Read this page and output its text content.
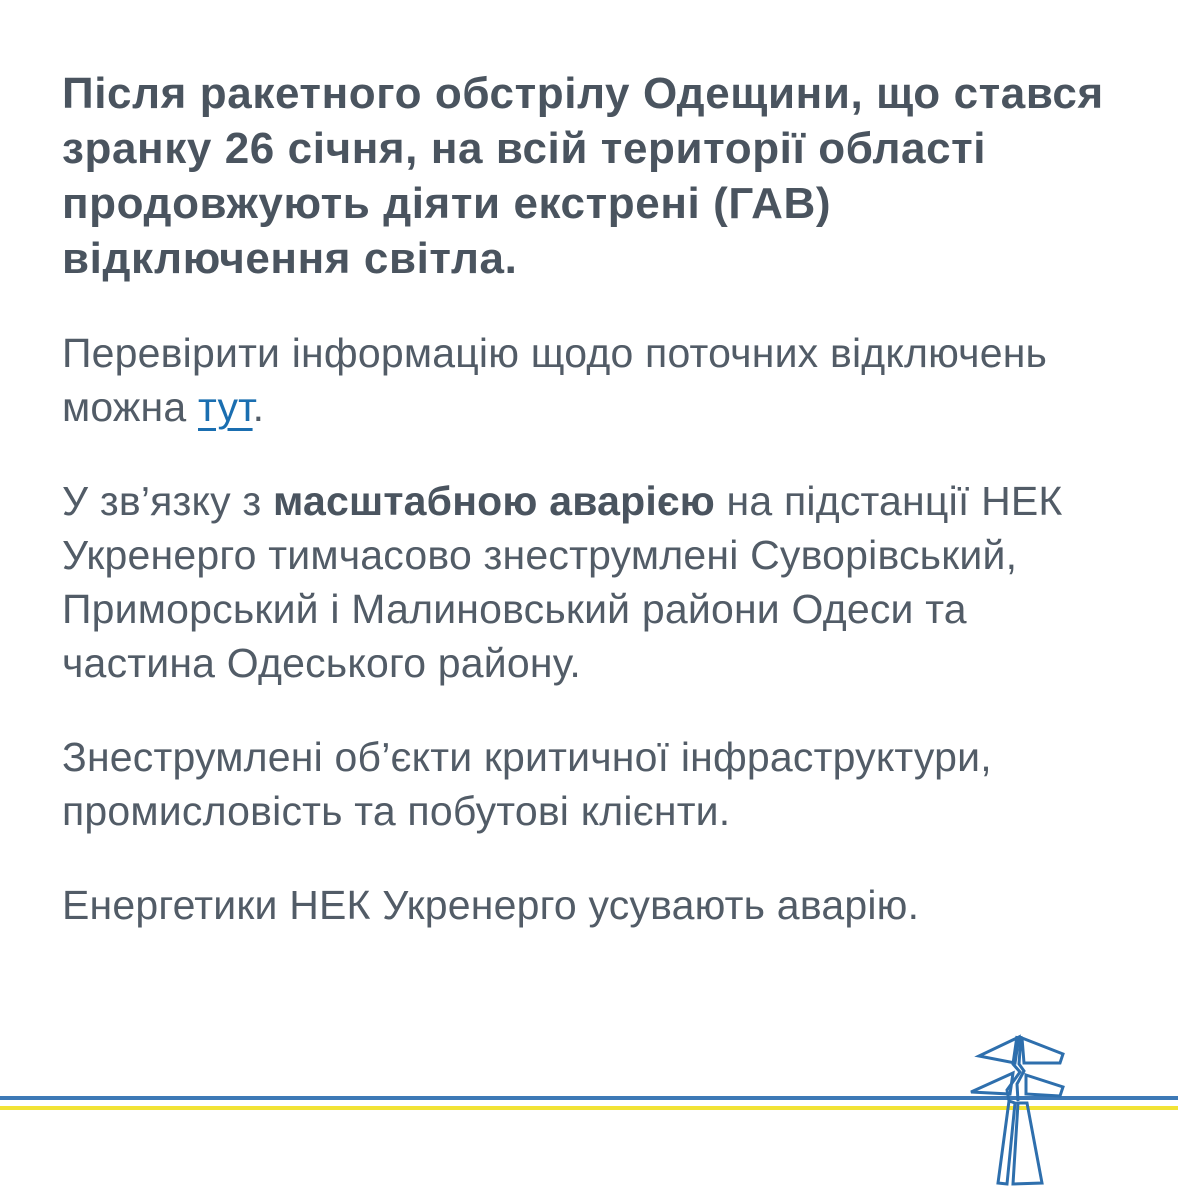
Після ракетного обстрілу Одещини, що стався
зранку 26 січня, на всій території області
продовжують діяти екстрені (ГАВ)
відключення світла.

Перевірити інформацію щодо поточних відключень
можна тут.

У зв’язку з масштабною аварією на підстанції НЕК
Укренерго тимчасово знеструмлені Суворівський,
Приморський і Малиновський райони Одеси та
частина Одеського району.

Знеструмлені об’єкти критичної інфраструктури,
промисловість та побутові клієнти.

Енергетики НЕК Укренерго усувають аварію.
